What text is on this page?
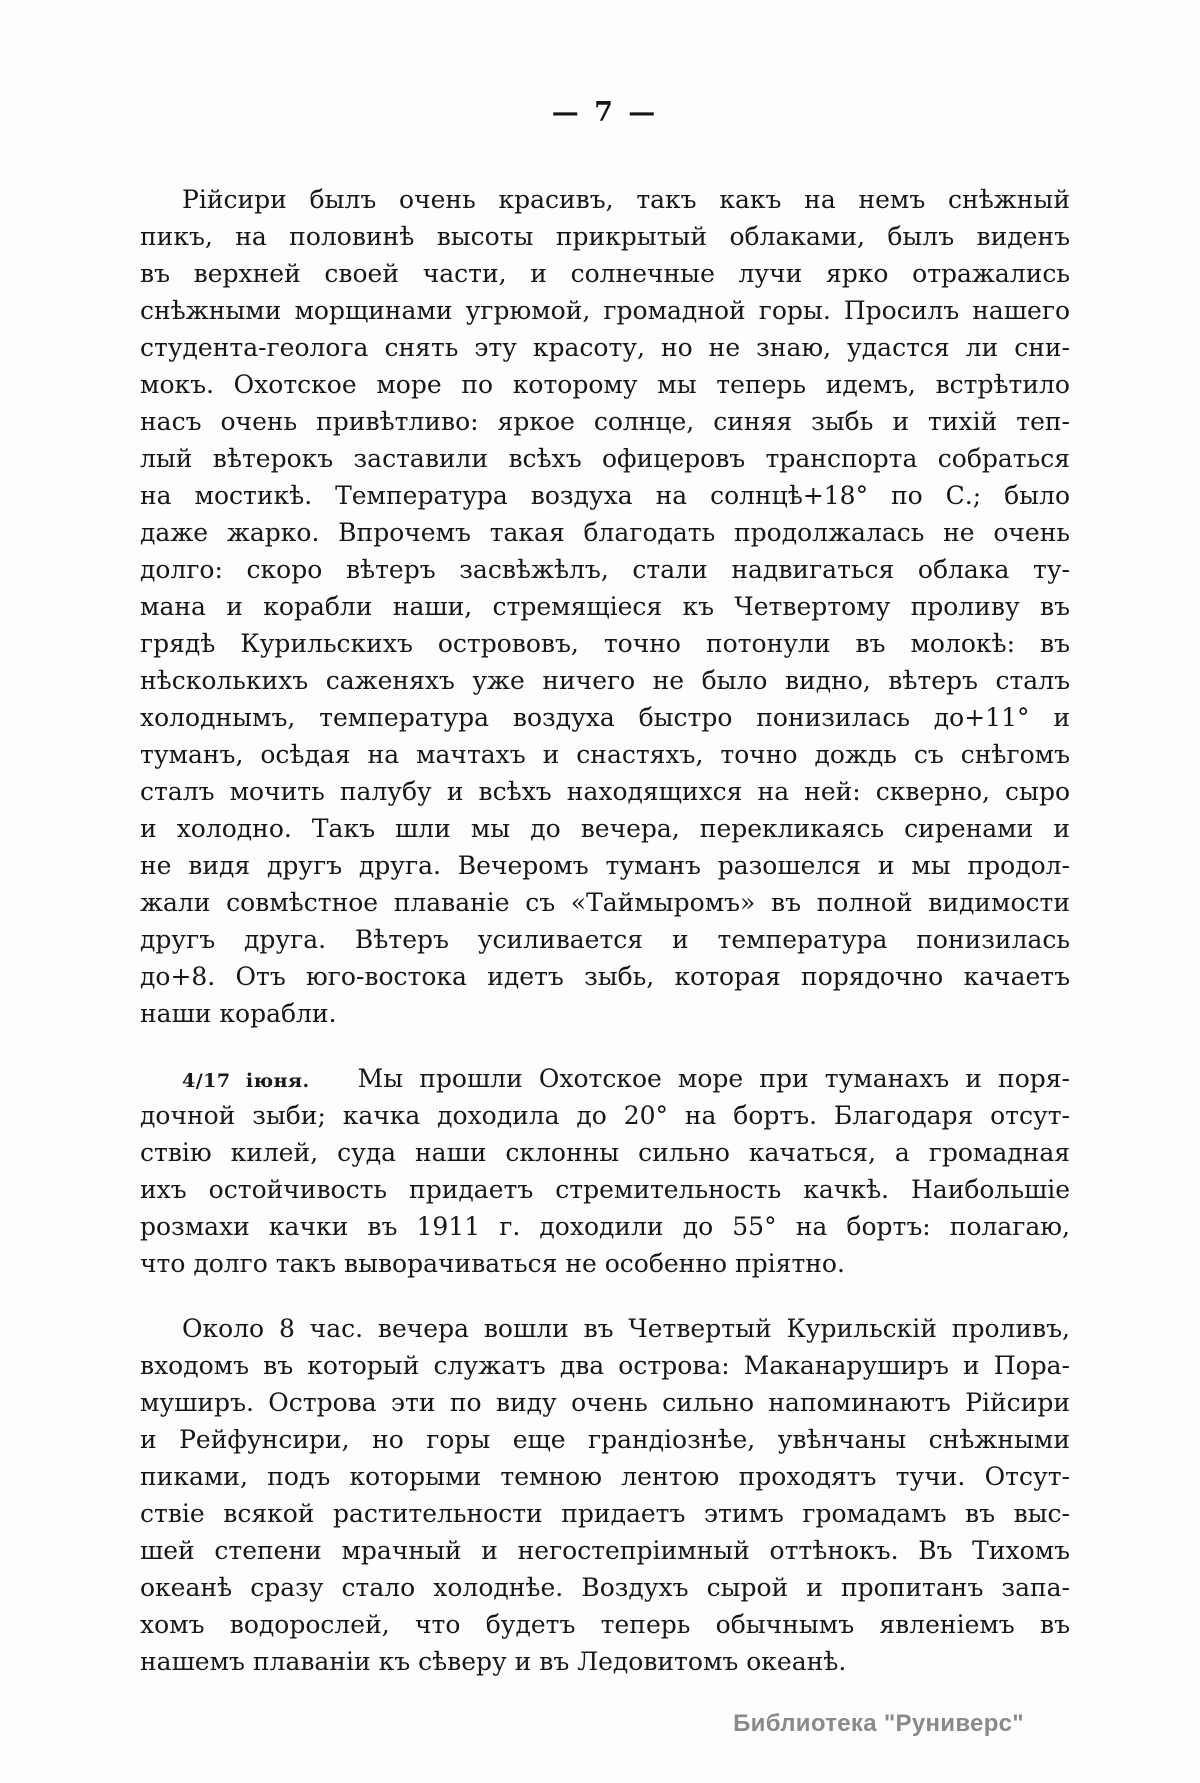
— 7 —
Рійсири былъ очень красивъ, такъ какъ на немъ снѣжный
пикъ, на половинѣ высоты прикрытый облаками, былъ виденъ
въ верхней своей части, и солнечные лучи ярко отражались
снѣжными морщинами угрюмой, громадной горы. Просилъ нашего
студента-геолога снять эту красоту, но не знаю, удастся ли сни-
мокъ. Охотское море по которому мы теперь идемъ, встрѣтило
насъ очень привѣтливо: яркое солнце, синяя зыбь и тихій теп-
лый вѣтерокъ заставили всѣхъ офицеровъ транспорта собраться
на мостикѣ. Температура воздуха на солнцѣ+18° по С.; было
даже жарко. Впрочемъ такая благодать продолжалась не очень
долго: скоро вѣтеръ засвѣжѣлъ, стали надвигаться облака ту-
мана и корабли наши, стремящіеся къ Четвертому проливу въ
грядѣ Курильскихъ острововъ, точно потонули въ молокѣ: въ
нѣсколькихъ саженяхъ уже ничего не было видно, вѣтеръ сталъ
холоднымъ, температура воздуха быстро понизилась до+11° и
туманъ, осѣдая на мачтахъ и снастяхъ, точно дождь съ снѣгомъ
сталъ мочить палубу и всѣхъ находящихся на ней: скверно, сыро
и холодно. Такъ шли мы до вечера, перекликаясь сиренами и
не видя другъ друга. Вечеромъ туманъ разошелся и мы продол-
жали совмѣстное плаваніе съ «Таймыромъ» въ полной видимости
другъ друга. Вѣтеръ усиливается и температура понизилась
до+8. Отъ юго-востока идетъ зыбь, которая порядочно качаетъ
наши корабли.
4/17 іюня. Мы прошли Охотское море при туманахъ и поря-
дочной зыби; качка доходила до 20° на бортъ. Благодаря отсут-
ствію килей, суда наши склонны сильно качаться, а громадная
ихъ остойчивость придаетъ стремительность качкѣ. Наибольшіе
розмахи качки въ 1911 г. доходили до 55° на бортъ: полагаю,
что долго такъ выворачиваться не особенно пріятно.
Около 8 час. вечера вошли въ Четвертый Курильскій проливъ,
входомъ въ который служатъ два острова: Маканаруширъ и Пора-
муширъ. Острова эти по виду очень сильно напоминаютъ Рійсири
и Рейфунсири, но горы еще грандіознѣе, увѣнчаны снѣжными
пиками, подъ которыми темною лентою проходятъ тучи. Отсут-
ствіе всякой растительности придаетъ этимъ громадамъ въ выс-
шей степени мрачный и негостепріимный оттѣнокъ. Въ Тихомъ
океанѣ сразу стало холоднѣе. Воздухъ сырой и пропитанъ запа-
хомъ водорослей, что будетъ теперь обычнымъ явленіемъ въ
нашемъ плаваніи къ сѣверу и въ Ледовитомъ океанѣ.
Библиотека "Руниверс"
